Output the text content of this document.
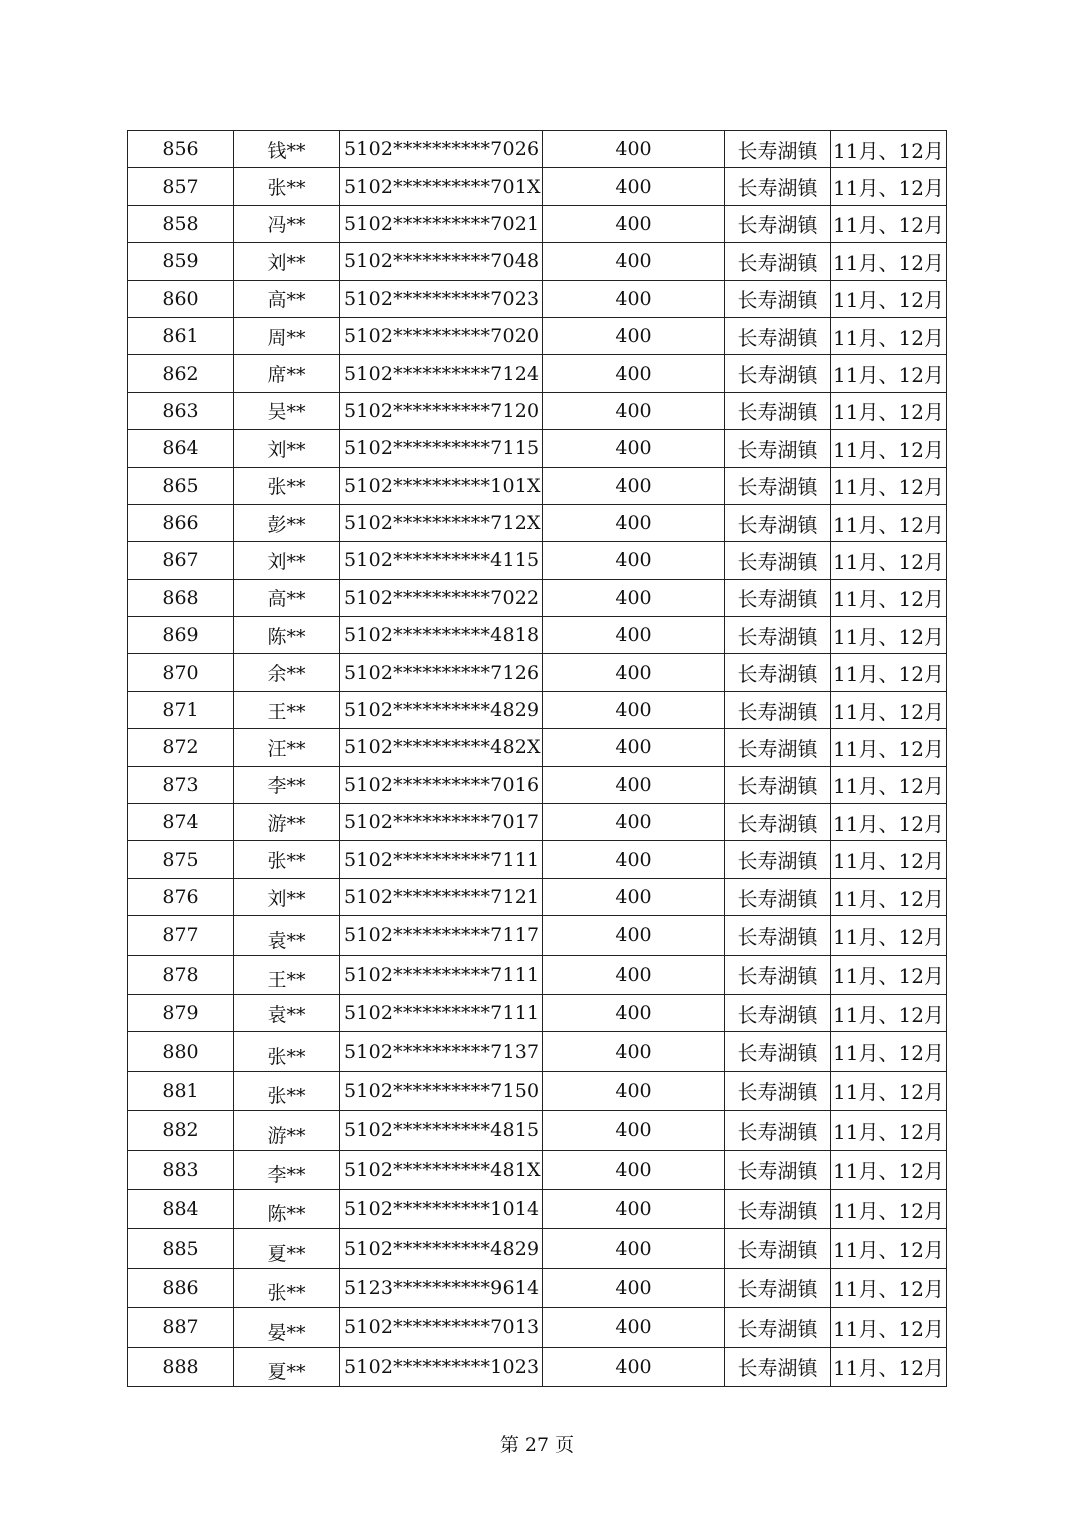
856	钱**	5102**********7026	400	长寿湖镇	11月、12月
857	张**	5102**********701X	400	长寿湖镇	11月、12月
858	冯**	5102**********7021	400	长寿湖镇	11月、12月
859	刘**	5102**********7048	400	长寿湖镇	11月、12月
860	高**	5102**********7023	400	长寿湖镇	11月、12月
861	周**	5102**********7020	400	长寿湖镇	11月、12月
862	席**	5102**********7124	400	长寿湖镇	11月、12月
863	吴**	5102**********7120	400	长寿湖镇	11月、12月
864	刘**	5102**********7115	400	长寿湖镇	11月、12月
865	张**	5102**********101X	400	长寿湖镇	11月、12月
866	彭**	5102**********712X	400	长寿湖镇	11月、12月
867	刘**	5102**********4115	400	长寿湖镇	11月、12月
868	高**	5102**********7022	400	长寿湖镇	11月、12月
869	陈**	5102**********4818	400	长寿湖镇	11月、12月
870	余**	5102**********7126	400	长寿湖镇	11月、12月
871	王**	5102**********4829	400	长寿湖镇	11月、12月
872	汪**	5102**********482X	400	长寿湖镇	11月、12月
873	李**	5102**********7016	400	长寿湖镇	11月、12月
874	游**	5102**********7017	400	长寿湖镇	11月、12月
875	张**	5102**********7111	400	长寿湖镇	11月、12月
876	刘**	5102**********7121	400	长寿湖镇	11月、12月
877	袁**	5102**********7117	400	长寿湖镇	11月、12月
878	王**	5102**********7111	400	长寿湖镇	11月、12月
879	袁**	5102**********7111	400	长寿湖镇	11月、12月
880	张**	5102**********7137	400	长寿湖镇	11月、12月
881	张**	5102**********7150	400	长寿湖镇	11月、12月
882	游**	5102**********4815	400	长寿湖镇	11月、12月
883	李**	5102**********481X	400	长寿湖镇	11月、12月
884	陈**	5102**********1014	400	长寿湖镇	11月、12月
885	夏**	5102**********4829	400	长寿湖镇	11月、12月
886	张**	5123**********9614	400	长寿湖镇	11月、12月
887	晏**	5102**********7013	400	长寿湖镇	11月、12月
888	夏**	5102**********1023	400	长寿湖镇	11月、12月
第 27 页
